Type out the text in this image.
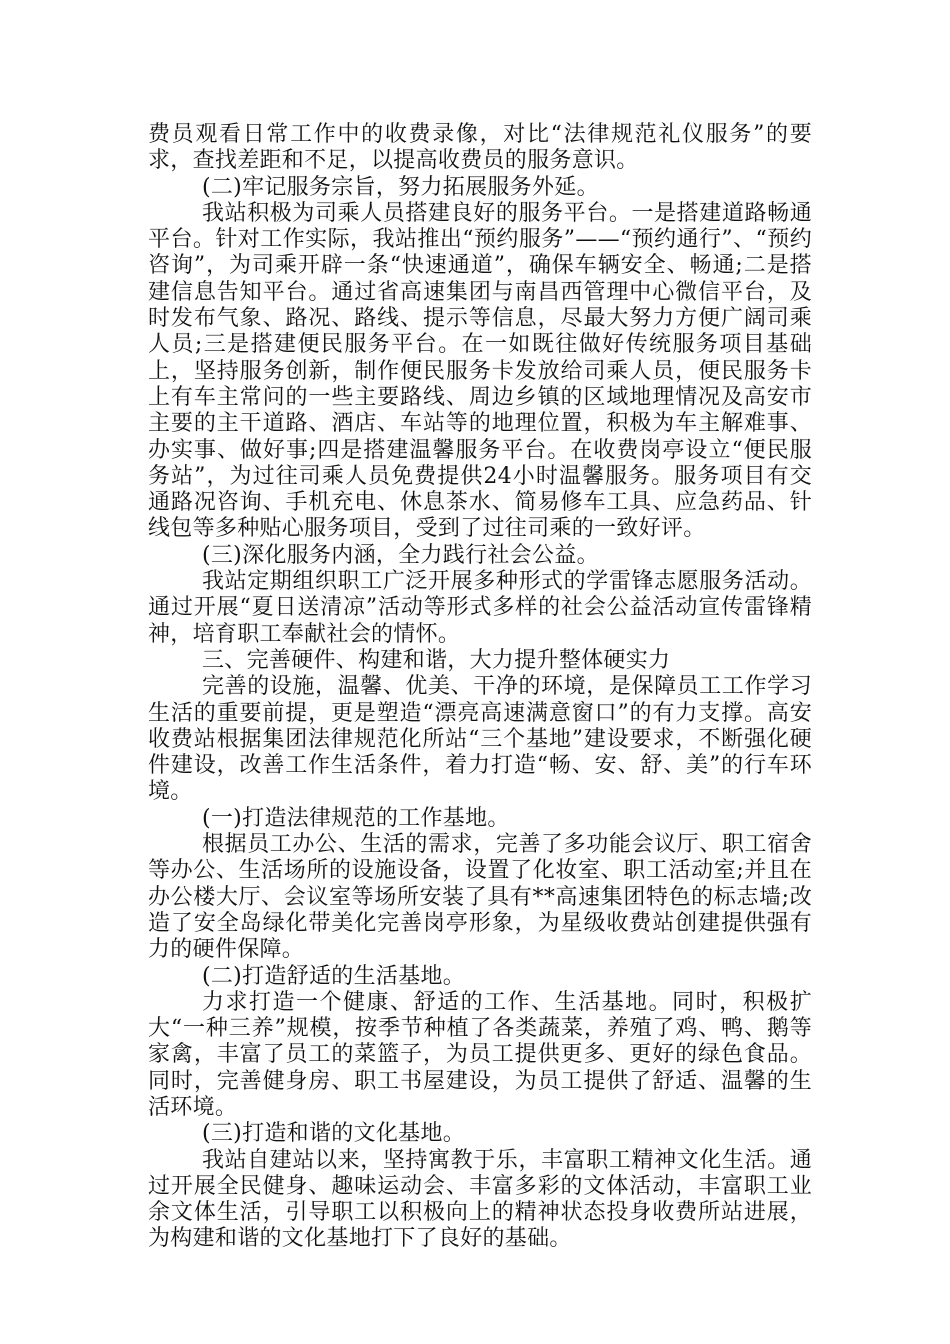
费员观看日常工作中的收费录像，对比“法律规范礼仪服务”的要求，查找差距和不足，以提高收费员的服务意识。

(二)牢记服务宗旨，努力拓展服务外延。

我站积极为司乘人员搭建良好的服务平台。一是搭建道路畅通平台。针对工作实际，我站推出“预约服务”——“预约通行”、“预约咨询”，为司乘开辟一条“快速通道”，确保车辆安全、畅通;二是搭建信息告知平台。通过省高速集团与南昌西管理中心微信平台，及时发布气象、路况、路线、提示等信息，尽最大努力方便广阔司乘人员;三是搭建便民服务平台。在一如既往做好传统服务项目基础上，坚持服务创新，制作便民服务卡发放给司乘人员，便民服务卡上有车主常问的一些主要路线、周边乡镇的区域地理情况及高安市主要的主干道路、酒店、车站等的地理位置，积极为车主解难事、办实事、做好事;四是搭建温馨服务平台。在收费岗亭设立“便民服务站”，为过往司乘人员免费提供24小时温馨服务。服务项目有交通路况咨询、手机充电、休息茶水、简易修车工具、应急药品、针线包等多种贴心服务项目，受到了过往司乘的一致好评。

(三)深化服务内涵，全力践行社会公益。

我站定期组织职工广泛开展多种形式的学雷锋志愿服务活动。通过开展“夏日送清凉”活动等形式多样的社会公益活动宣传雷锋精神，培育职工奉献社会的情怀。

三、完善硬件、构建和谐，大力提升整体硬实力

完善的设施，温馨、优美、干净的环境，是保障员工工作学习生活的重要前提，更是塑造“漂亮高速满意窗口”的有力支撑。高安收费站根据集团法律规范化所站“三个基地”建设要求，不断强化硬件建设，改善工作生活条件，着力打造“畅、安、舒、美”的行车环境。

(一)打造法律规范的工作基地。

根据员工办公、生活的需求，完善了多功能会议厅、职工宿舍等办公、生活场所的设施设备，设置了化妆室、职工活动室;并且在办公楼大厅、会议室等场所安装了具有**高速集团特色的标志墙;改造了安全岛绿化带美化完善岗亭形象，为星级收费站创建提供强有力的硬件保障。

(二)打造舒适的生活基地。

力求打造一个健康、舒适的工作、生活基地。同时，积极扩大“一种三养”规模，按季节种植了各类蔬菜，养殖了鸡、鸭、鹅等家禽，丰富了员工的菜篮子，为员工提供更多、更好的绿色食品。同时，完善健身房、职工书屋建设，为员工提供了舒适、温馨的生活环境。

(三)打造和谐的文化基地。

我站自建站以来，坚持寓教于乐，丰富职工精神文化生活。通过开展全民健身、趣味运动会、丰富多彩的文体活动，丰富职工业余文体生活，引导职工以积极向上的精神状态投身收费所站进展，为构建和谐的文化基地打下了良好的基础。
